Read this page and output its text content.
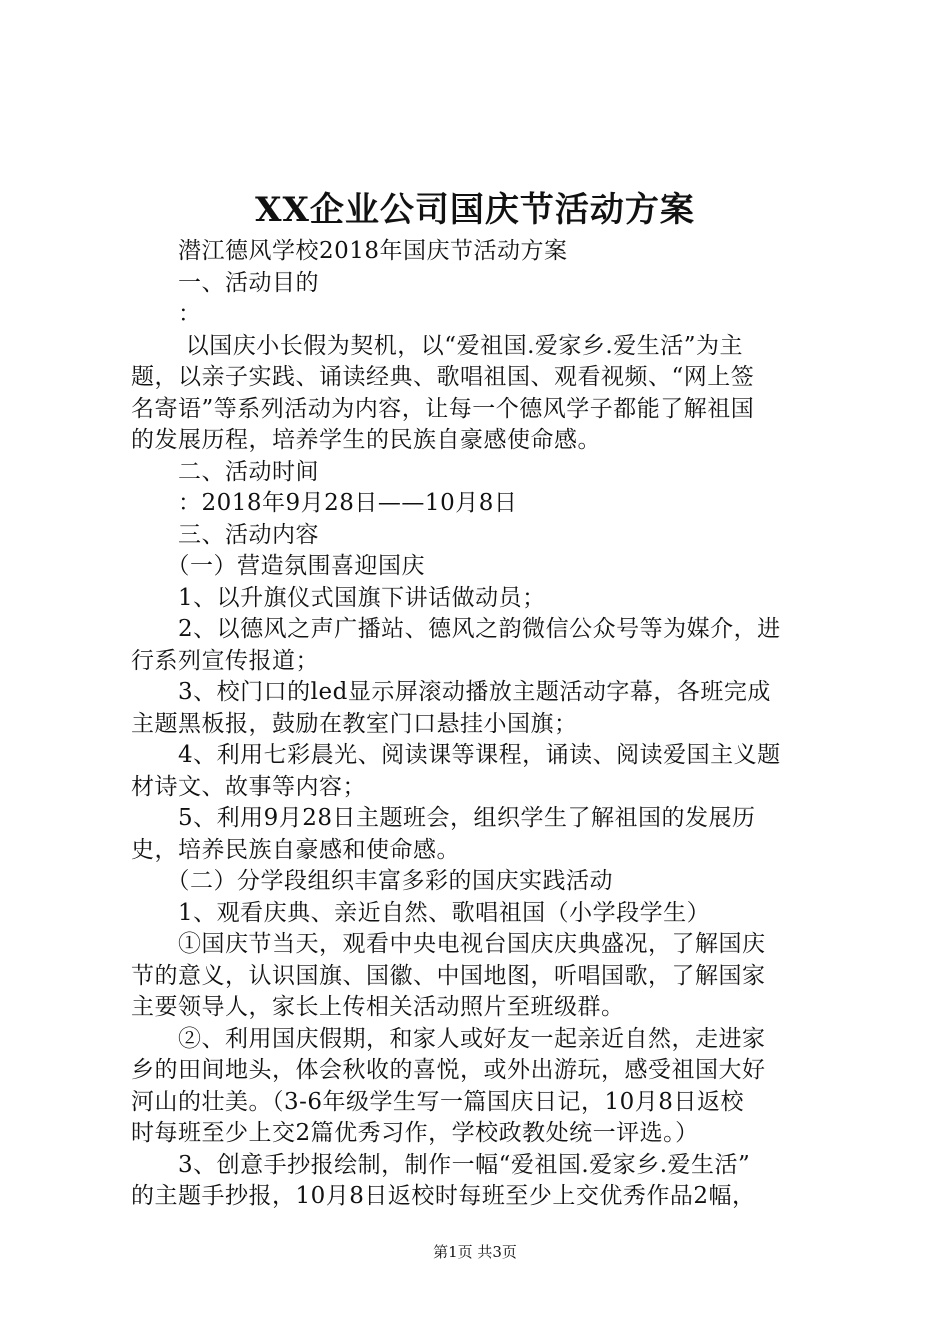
XX企业公司国庆节活动方案

　　潜江德风学校2018年国庆节活动方案

　　一、活动目的

　　：

　　 以国庆小长假为契机，以“爱祖国.爱家乡.爱生活”为主

题，以亲子实践、诵读经典、歌唱祖国、观看视频、“网上签

名寄语”等系列活动为内容，让每一个德风学子都能了解祖国

的发展历程，培养学生的民族自豪感使命感。

　　二、活动时间

　　：2018年9月28日——10月8日

　　三、活动内容

　　（一）营造氛围喜迎国庆

　　1、以升旗仪式国旗下讲话做动员；

　　2、以德风之声广播站、德风之韵微信公众号等为媒介，进

行系列宣传报道；

　　3、校门口的led显示屏滚动播放主题活动字幕，各班完成

主题黑板报，鼓励在教室门口悬挂小国旗；

　　4、利用七彩晨光、阅读课等课程，诵读、阅读爱国主义题

材诗文、故事等内容；

　　5、利用9月28日主题班会，组织学生了解祖国的发展历

史，培养民族自豪感和使命感。

　　（二）分学段组织丰富多彩的国庆实践活动

　　1、观看庆典、亲近自然、歌唱祖国（小学段学生）

　　①国庆节当天，观看中央电视台国庆庆典盛况，了解国庆

节的意义，认识国旗、国徽、中国地图，听唱国歌，了解国家

主要领导人，家长上传相关活动照片至班级群。

　　②、利用国庆假期，和家人或好友一起亲近自然，走进家

乡的田间地头，体会秋收的喜悦，或外出游玩，感受祖国大好

河山的壮美。（3-6年级学生写一篇国庆日记，10月8日返校

时每班至少上交2篇优秀习作，学校政教处统一评选。）

　　3、创意手抄报绘制，制作一幅“爱祖国.爱家乡.爱生活”

的主题手抄报，10月8日返校时每班至少上交优秀作品2幅，

第1页 共3页
